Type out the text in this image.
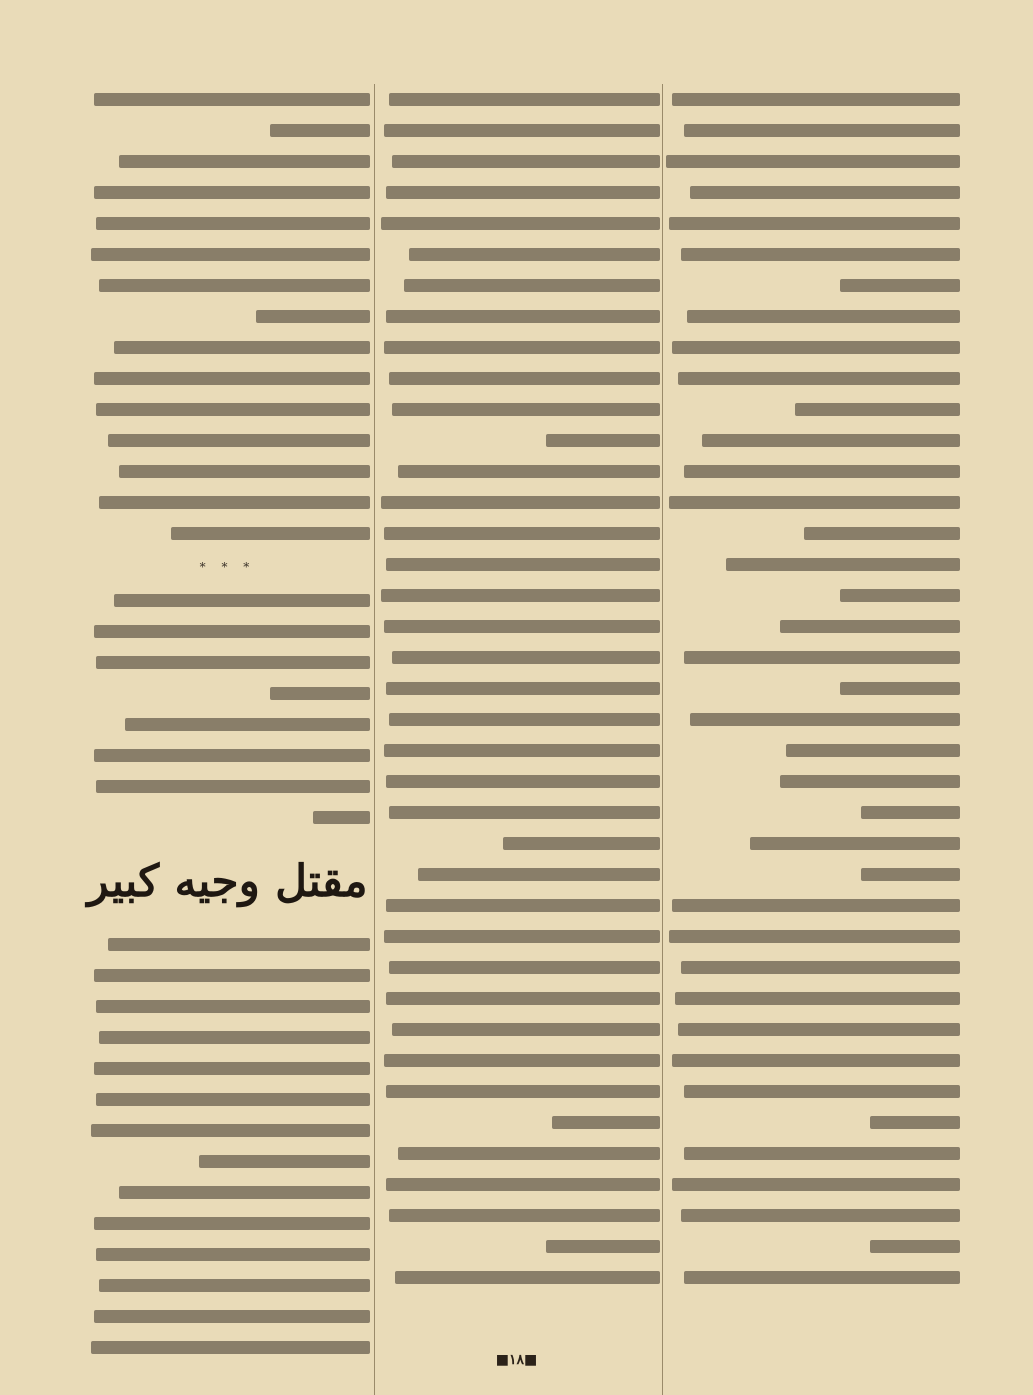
* * *
مقتل وجيه كبير
■١٨■
